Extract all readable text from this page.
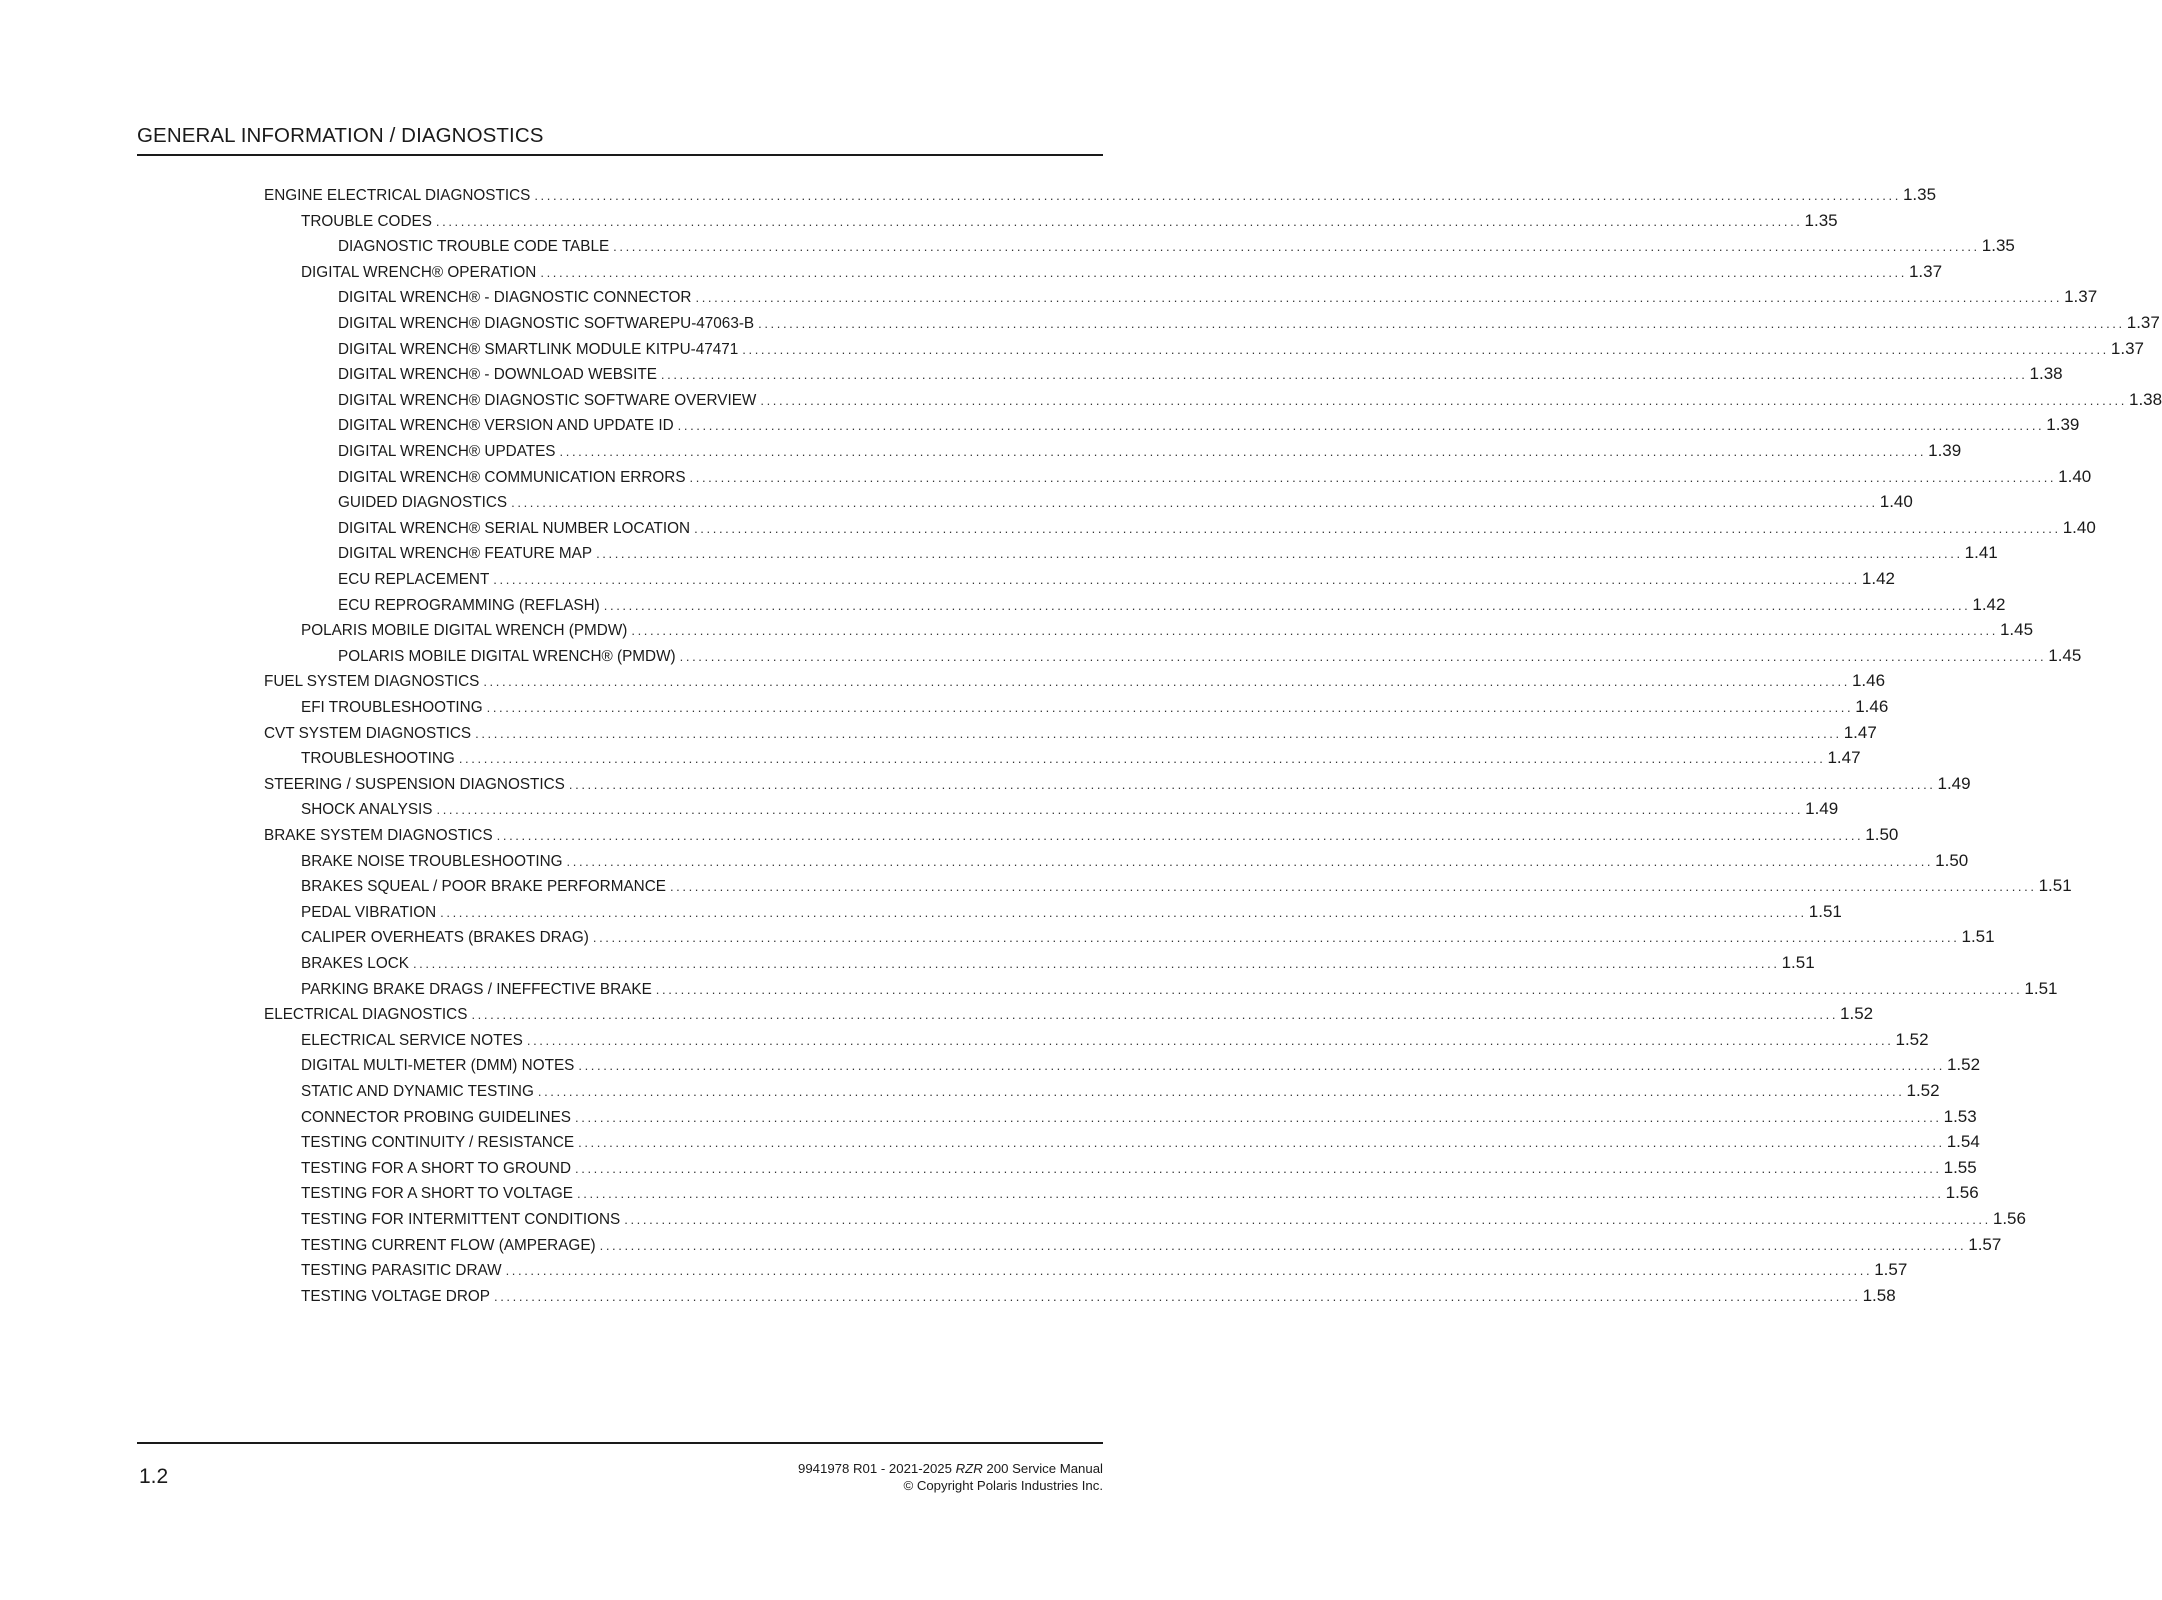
GENERAL INFORMATION / DIAGNOSTICS
ENGINE ELECTRICAL DIAGNOSTICS ............................................................................................................................................................................................................................ 1.35
TROUBLE CODES ............................................................................................................................................................................................................................ 1.35
DIAGNOSTIC TROUBLE CODE TABLE ............................................................................................................................................................................................................................ 1.35
DIGITAL WRENCH® OPERATION ............................................................................................................................................................................................................................ 1.37
DIGITAL WRENCH® - DIAGNOSTIC CONNECTOR ............................................................................................................................................................................................................................ 1.37
DIGITAL WRENCH® DIAGNOSTIC SOFTWAREPU-47063-B ............................................................................................................................................................................................................................ 1.37
DIGITAL WRENCH® SMARTLINK MODULE KITPU-47471 ............................................................................................................................................................................................................................ 1.37
DIGITAL WRENCH® - DOWNLOAD WEBSITE ............................................................................................................................................................................................................................ 1.38
DIGITAL WRENCH® DIAGNOSTIC SOFTWARE OVERVIEW ............................................................................................................................................................................................................................ 1.38
DIGITAL WRENCH® VERSION AND UPDATE ID ............................................................................................................................................................................................................................ 1.39
DIGITAL WRENCH® UPDATES ............................................................................................................................................................................................................................ 1.39
DIGITAL WRENCH® COMMUNICATION ERRORS ............................................................................................................................................................................................................................ 1.40
GUIDED DIAGNOSTICS ............................................................................................................................................................................................................................ 1.40
DIGITAL WRENCH® SERIAL NUMBER LOCATION ............................................................................................................................................................................................................................ 1.40
DIGITAL WRENCH® FEATURE MAP ............................................................................................................................................................................................................................ 1.41
ECU REPLACEMENT ............................................................................................................................................................................................................................ 1.42
ECU REPROGRAMMING (REFLASH) ............................................................................................................................................................................................................................ 1.42
POLARIS MOBILE DIGITAL WRENCH (PMDW) ............................................................................................................................................................................................................................ 1.45
POLARIS MOBILE DIGITAL WRENCH® (PMDW) ............................................................................................................................................................................................................................ 1.45
FUEL SYSTEM DIAGNOSTICS ............................................................................................................................................................................................................................ 1.46
EFI TROUBLESHOOTING ............................................................................................................................................................................................................................ 1.46
CVT SYSTEM DIAGNOSTICS ............................................................................................................................................................................................................................ 1.47
TROUBLESHOOTING ............................................................................................................................................................................................................................ 1.47
STEERING / SUSPENSION DIAGNOSTICS ............................................................................................................................................................................................................................ 1.49
SHOCK ANALYSIS ............................................................................................................................................................................................................................ 1.49
BRAKE SYSTEM DIAGNOSTICS ............................................................................................................................................................................................................................ 1.50
BRAKE NOISE TROUBLESHOOTING ............................................................................................................................................................................................................................ 1.50
BRAKES SQUEAL / POOR BRAKE PERFORMANCE ............................................................................................................................................................................................................................ 1.51
PEDAL VIBRATION ............................................................................................................................................................................................................................ 1.51
CALIPER OVERHEATS (BRAKES DRAG) ............................................................................................................................................................................................................................ 1.51
BRAKES LOCK ............................................................................................................................................................................................................................ 1.51
PARKING BRAKE DRAGS / INEFFECTIVE BRAKE ............................................................................................................................................................................................................................ 1.51
ELECTRICAL DIAGNOSTICS ............................................................................................................................................................................................................................ 1.52
ELECTRICAL SERVICE NOTES ............................................................................................................................................................................................................................ 1.52
DIGITAL MULTI-METER (DMM) NOTES ............................................................................................................................................................................................................................ 1.52
STATIC AND DYNAMIC TESTING ............................................................................................................................................................................................................................ 1.52
CONNECTOR PROBING GUIDELINES ............................................................................................................................................................................................................................ 1.53
TESTING CONTINUITY / RESISTANCE ............................................................................................................................................................................................................................ 1.54
TESTING FOR A SHORT TO GROUND ............................................................................................................................................................................................................................ 1.55
TESTING FOR A SHORT TO VOLTAGE ............................................................................................................................................................................................................................ 1.56
TESTING FOR INTERMITTENT CONDITIONS ............................................................................................................................................................................................................................ 1.56
TESTING CURRENT FLOW (AMPERAGE) ............................................................................................................................................................................................................................ 1.57
TESTING PARASITIC DRAW ............................................................................................................................................................................................................................ 1.57
TESTING VOLTAGE DROP ............................................................................................................................................................................................................................ 1.58
1.2	9941978 R01 - 2021-2025 RZR 200 Service Manual
© Copyright Polaris Industries Inc.
